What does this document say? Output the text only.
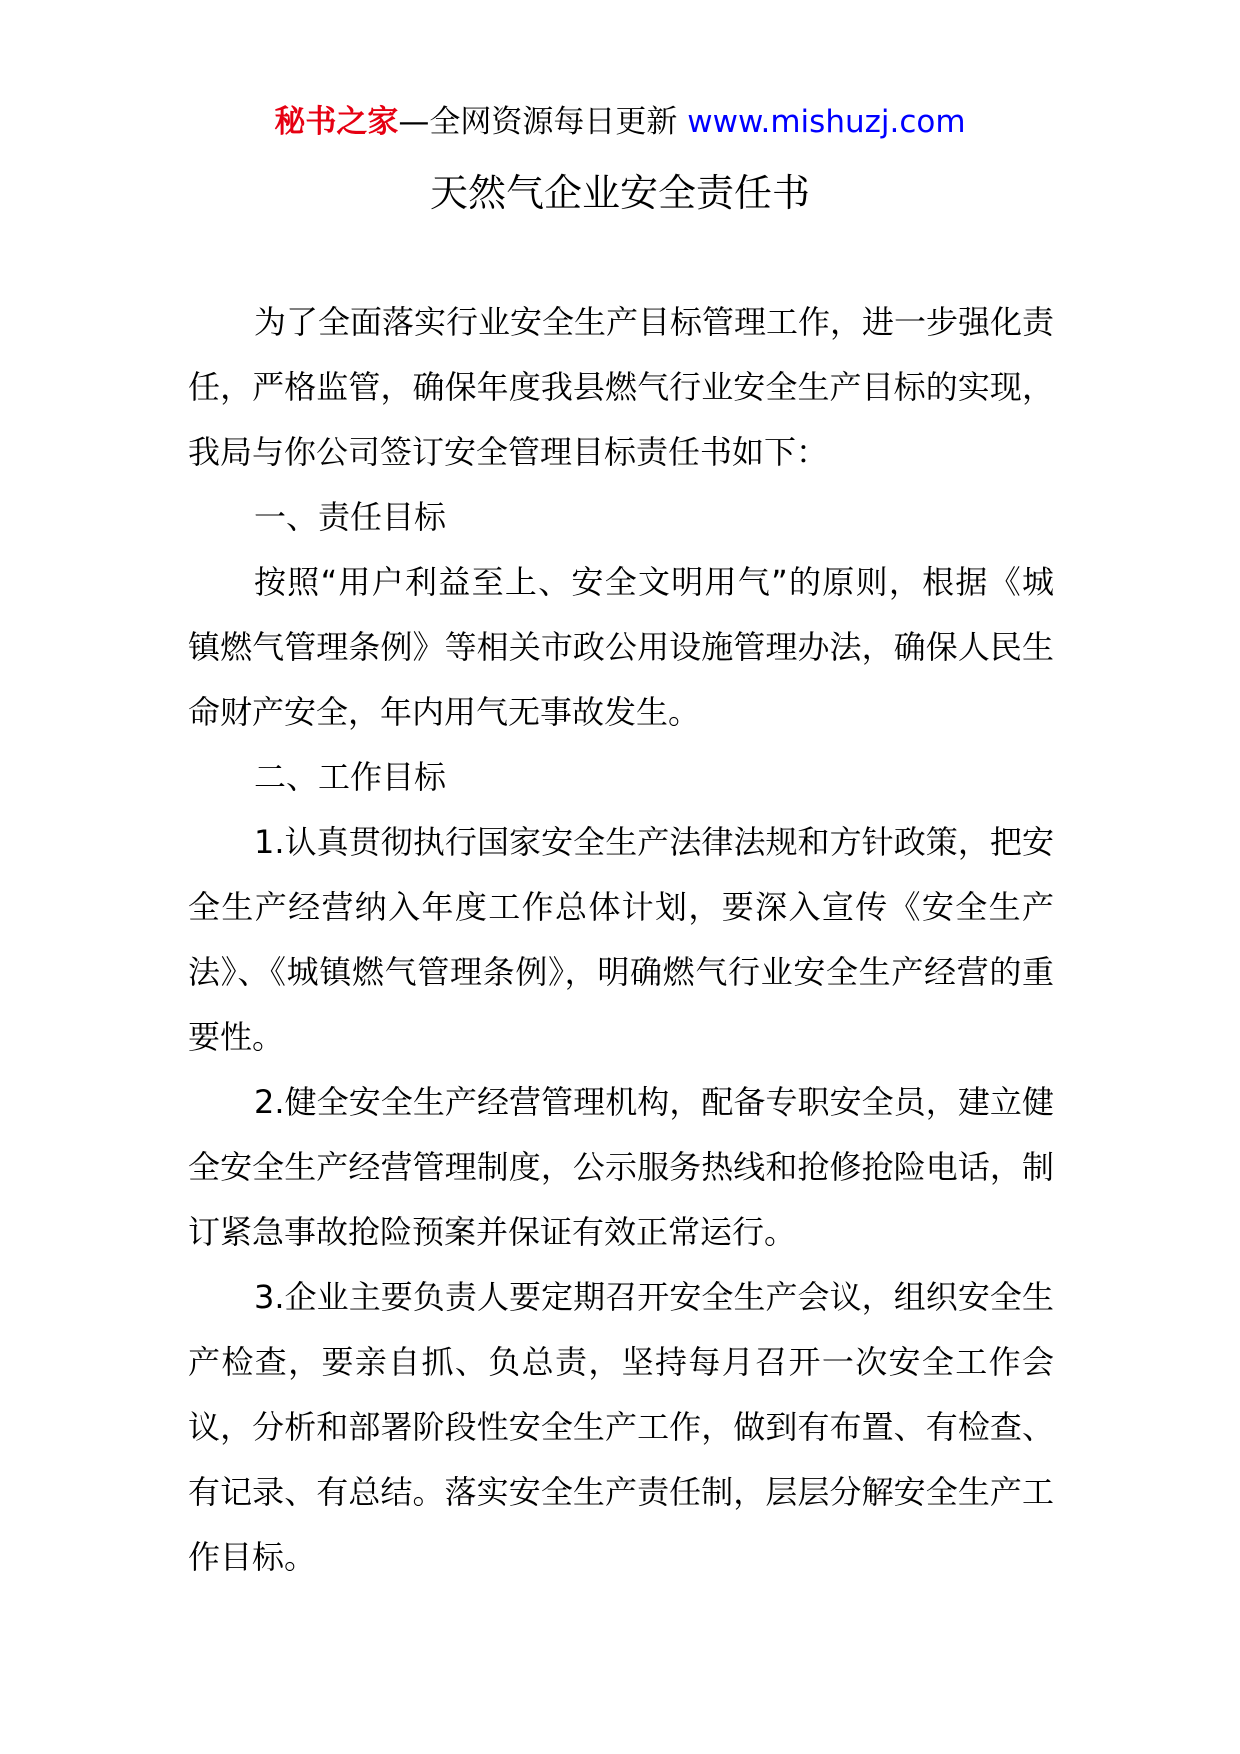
秘书之家—全网资源每日更新 www.mishuzj.com
天然气企业安全责任书

为了全面落实行业安全生产目标管理工作，进一步强化责任，严格监管，确保年度我县燃气行业安全生产目标的实现，我局与你公司签订安全管理目标责任书如下：

一、责任目标

按照“用户利益至上、安全文明用气”的原则，根据《城镇燃气管理条例》等相关市政公用设施管理办法，确保人民生命财产安全，年内用气无事故发生。

二、工作目标

1.认真贯彻执行国家安全生产法律法规和方针政策，把安全生产经营纳入年度工作总体计划，要深入宣传《安全生产法》、《城镇燃气管理条例》，明确燃气行业安全生产经营的重要性。

2.健全安全生产经营管理机构，配备专职安全员，建立健全安全生产经营管理制度，公示服务热线和抢修抢险电话，制订紧急事故抢险预案并保证有效正常运行。

3.企业主要负责人要定期召开安全生产会议，组织安全生产检查，要亲自抓、负总责，坚持每月召开一次安全工作会议，分析和部署阶段性安全生产工作，做到有布置、有检查、有记录、有总结。落实安全生产责任制，层层分解安全生产工作目标。
